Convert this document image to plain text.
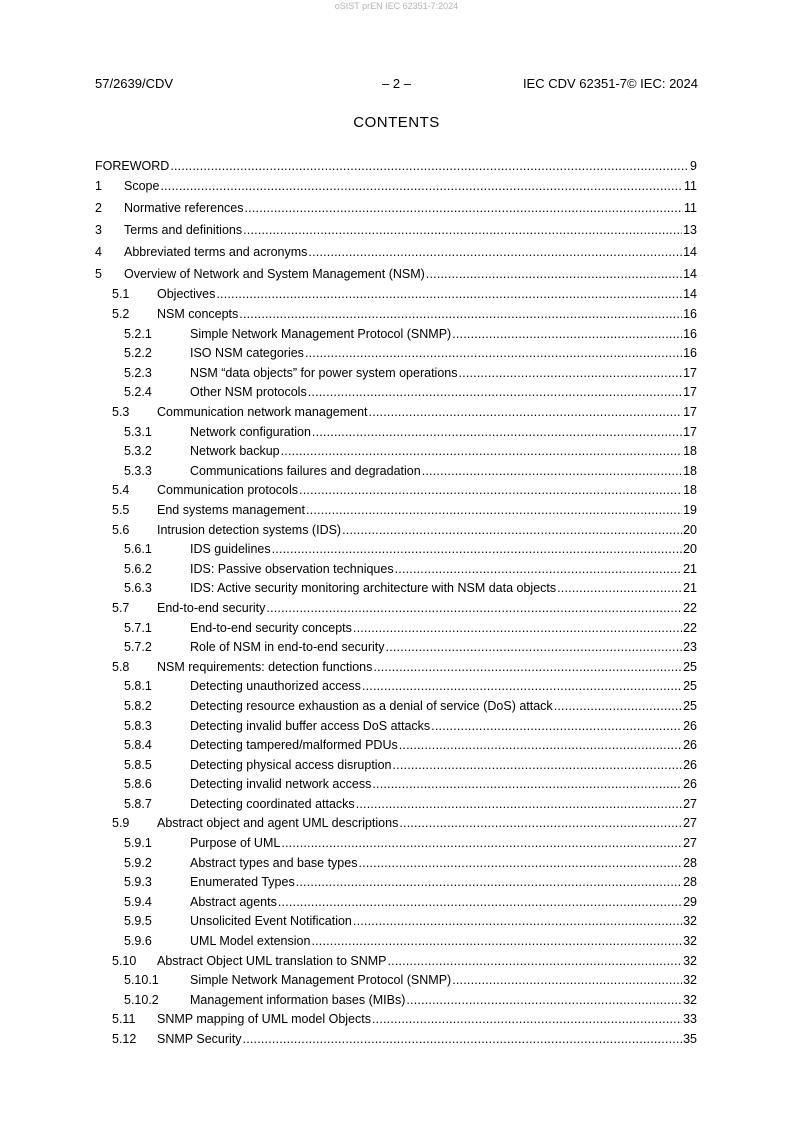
oSIST prEN IEC 62351-7:2024
57/2639/CDV	– 2 –	IEC CDV 62351-7© IEC: 2024
CONTENTS
FOREWORD .....	9
1	Scope .....	11
2	Normative references .....	11
3	Terms and definitions .....	13
4	Abbreviated terms and acronyms .....	14
5	Overview of Network and System Management (NSM) .....	14
5.1	Objectives .....	14
5.2	NSM concepts .....	16
5.2.1	Simple Network Management Protocol (SNMP) .....	16
5.2.2	ISO NSM categories .....	16
5.2.3	NSM “data objects” for power system operations .....	17
5.2.4	Other NSM protocols .....	17
5.3	Communication network management .....	17
5.3.1	Network configuration .....	17
5.3.2	Network backup .....	18
5.3.3	Communications failures and degradation .....	18
5.4	Communication protocols .....	18
5.5	End systems management .....	19
5.6	Intrusion detection systems (IDS) .....	20
5.6.1	IDS guidelines .....	20
5.6.2	IDS: Passive observation techniques .....	21
5.6.3	IDS: Active security monitoring architecture with NSM data objects .....	21
5.7	End-to-end security .....	22
5.7.1	End-to-end security concepts .....	22
5.7.2	Role of NSM in end-to-end security .....	23
5.8	NSM requirements: detection functions .....	25
5.8.1	Detecting unauthorized access .....	25
5.8.2	Detecting resource exhaustion as a denial of service (DoS) attack .....	25
5.8.3	Detecting invalid buffer access DoS attacks .....	26
5.8.4	Detecting tampered/malformed PDUs .....	26
5.8.5	Detecting physical access disruption .....	26
5.8.6	Detecting invalid network access .....	26
5.8.7	Detecting coordinated attacks .....	27
5.9	Abstract object and agent UML descriptions .....	27
5.9.1	Purpose of UML .....	27
5.9.2	Abstract types and base types .....	28
5.9.3	Enumerated Types .....	28
5.9.4	Abstract agents .....	29
5.9.5	Unsolicited Event Notification .....	32
5.9.6	UML Model extension .....	32
5.10	Abstract Object UML translation to SNMP .....	32
5.10.1	Simple Network Management Protocol (SNMP) .....	32
5.10.2	Management information bases (MIBs) .....	32
5.11	SNMP mapping of UML model Objects .....	33
5.12	SNMP Security .....	35
